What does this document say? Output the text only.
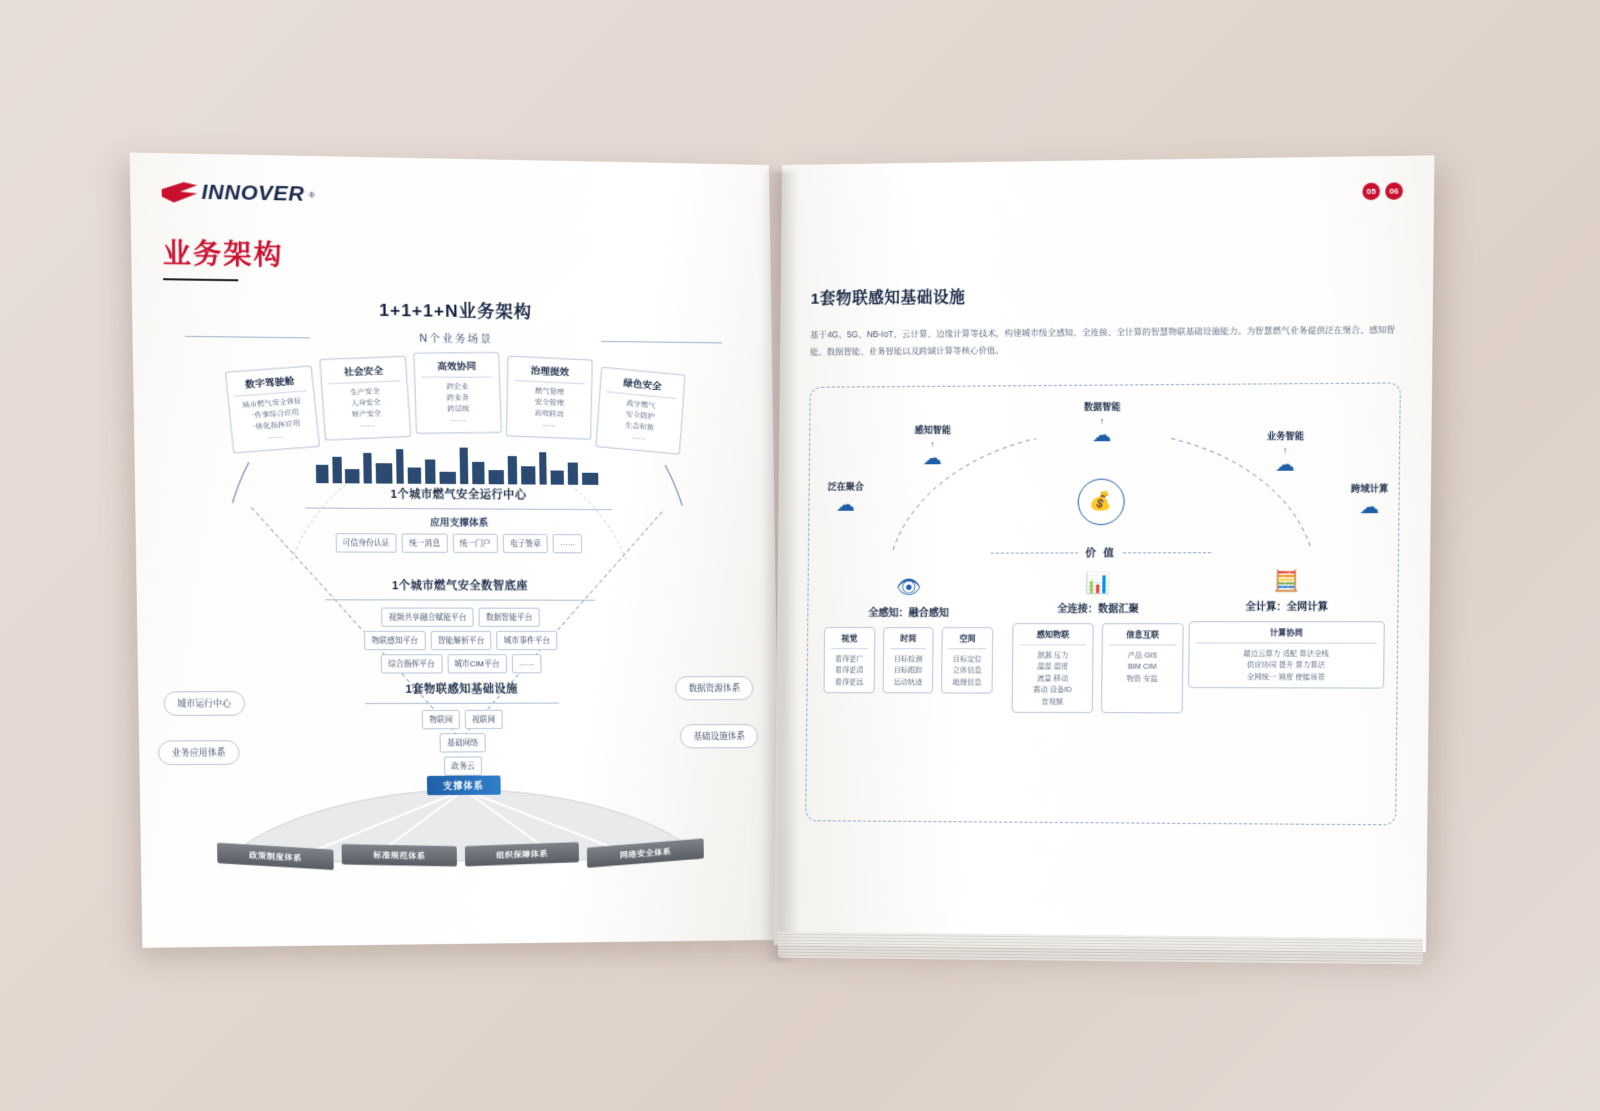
INNOVER ®
业务架构
1+1+1+N业务架构
N个业务场景
数字驾驶舱
城市燃气安全体征
一件事综合应用
一体化指挥应用
……
社会安全
生产安全
人身安全
财产安全
……
高效协同
跨企业
跨业务
跨层级
……
治理提效
燃气管理
安全管理
高效联动
……
绿色安全
政字燃气
安全防护
生态和谐
……
1个城市燃气安全运行中心
应用支撑体系
可信身份认证	统一消息	统一门户	电子签章	……
1个城市燃气安全数智底座
视频共享融合赋能平台	数据智能平台
物联感知平台	智能解析平台	城市事件平台
综合指挥平台	城市CIM平台	……
1套物联感知基础设施
物联网	视联网
基础网络
政务云
城市运行中心
业务应用体系
数据资源体系
基础设施体系
支撑体系
政策制度体系	标准规范体系	组织保障体系	网络安全体系
05	06
1套物联感知基础设施
基于4G、5G、NB-IoT、云计算、边缘计算等技术，构建城市级全感知、全连接、全计算的智慧物联基础设施能力。为智慧燃气业务提供泛在聚合、感知智能、数据智能、业务智能以及跨域计算等核心价值。
泛在聚合
☁
感知智能
↑
☁
数据智能
↑
☁	业务智能
↑
☁
跨域计算
☁
💰
价 值
👁
全感知：融合感知
视觉
看得更广
看得更清
看得更远
时间
目标检测
目标跟踪
运动轨迹
空间
目标定位
立体信息
地理信息
📊
全连接：数据汇聚
感知物联
泄漏 压力
温湿 湿度
流量 移动
震动 设备ID
音视频
信息互联
产品 GIS
BIM CIM
物资 安监
🧮
全计算：全网计算
计算协同
端边云算力 适配 算法全栈
供应协同 提升 算力算法
全网统一 调度 使能场景
